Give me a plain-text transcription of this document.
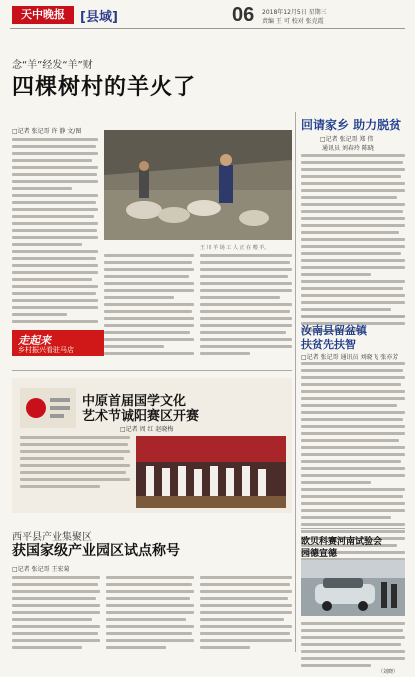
天中晚报	[县域]	06 2018年12月5日 星期三
责编 王 可 校对 张克霞
念“羊”经发“羊”财
四棵树村的羊火了
□记者 张记哥 许 静 文/图
王 川 羊 场 工 人 正 在 喂 羊。
走起来
乡村振兴看驻马店
中原首届国学文化
艺术节诚阳赛区开赛
□记者 周 红 赵晓梅
西平县产业集聚区
获国家级产业园区试点称号
□记者 张记哥 王宏菊
回请家乡 助力脱贫
□记者 张记哥 郑 伟
通讯员 刘春玲 陈晓
汝南县留盆镇
扶贫先扶智
□记者 张记哥 通讯员 刘晓飞 张亦芳
欧贝科赛河南试验会
园德宣德
（刘晓）
